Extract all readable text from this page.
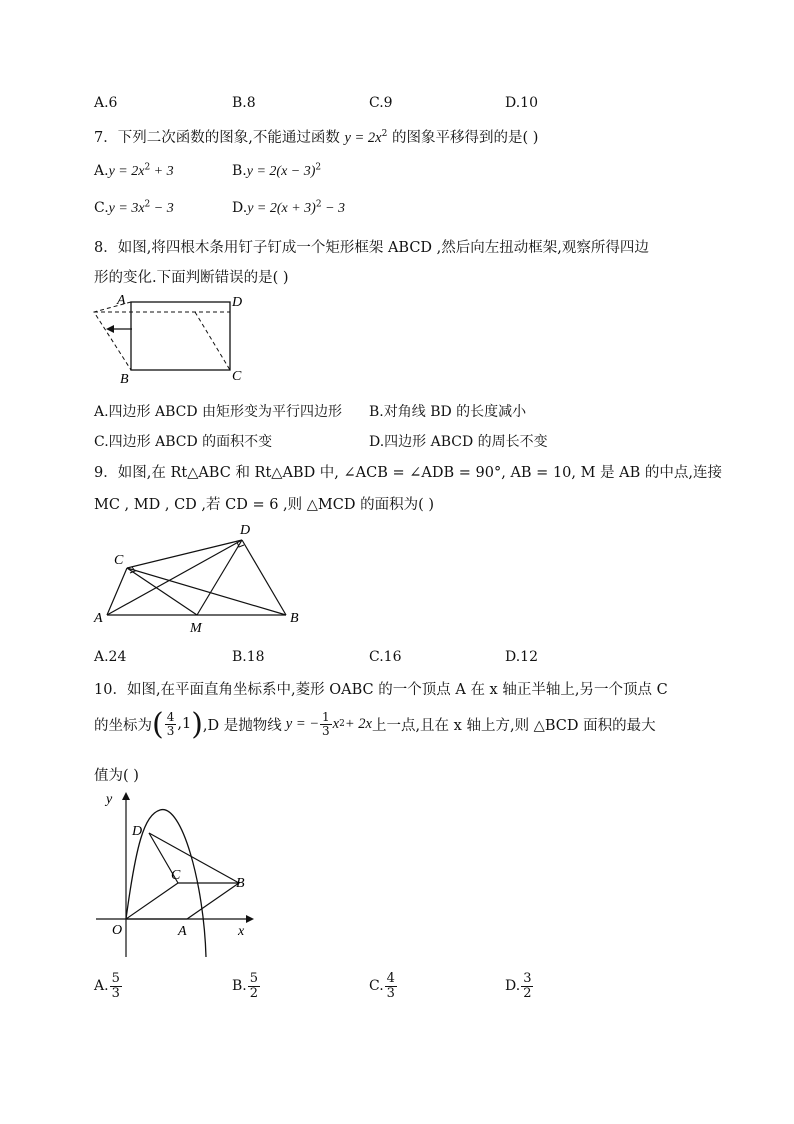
A.6	B.8	C.9	D.10
7．下列二次函数的图象,不能通过函数 $y = 2x^2$ 的图象平移得到的是( )
$A.y = 2x^2 + 3$	$B.y = 2(x - 3)^2$
$C.y = 3x^2 - 3$	$D.y = 2(x + 3)^2 - 3$
8．如图,将四根木条用钉子钉成一个矩形框架 ABCD ,然后向左扭动框架,观察所得四边
形的变化.下面判断错误的是( )
A	D
B	C
A.四边形 ABCD 由矩形变为平行四边形 B.对角线 BD 的长度减小
C.四边形 ABCD 的面积不变	D.四边形 ABCD 的周长不变
9．如图,在 Rt△ABC 和 Rt△ABD 中, ∠ACB = ∠ADB = 90°, AB = 10, M 是 AB 的中点,连接
MC , MD , CD ,若 CD = 6 ,则 △MCD 的面积为( )
A	B
C
D
M
A.24	B.18	C.16	D.12
10．如图,在平面直角坐标系中,菱形 OABC 的一个顶点 A 在 x 轴正半轴上,另一个顶点 C
的坐标为 ( $\frac{4}{3} ,1$ ) ,D 是抛物线 y = − $\frac{1}{3}$ x 2 + 2x 上一点,且在 x 轴上方,则 △BCD 面积的最大
值为( )
y
x
O	A
B
C
D
A. $\frac{5}{3}$	B. $\frac{5}{2}$	C. $\frac{4}{3}$	D. $\frac{3}{2}$
